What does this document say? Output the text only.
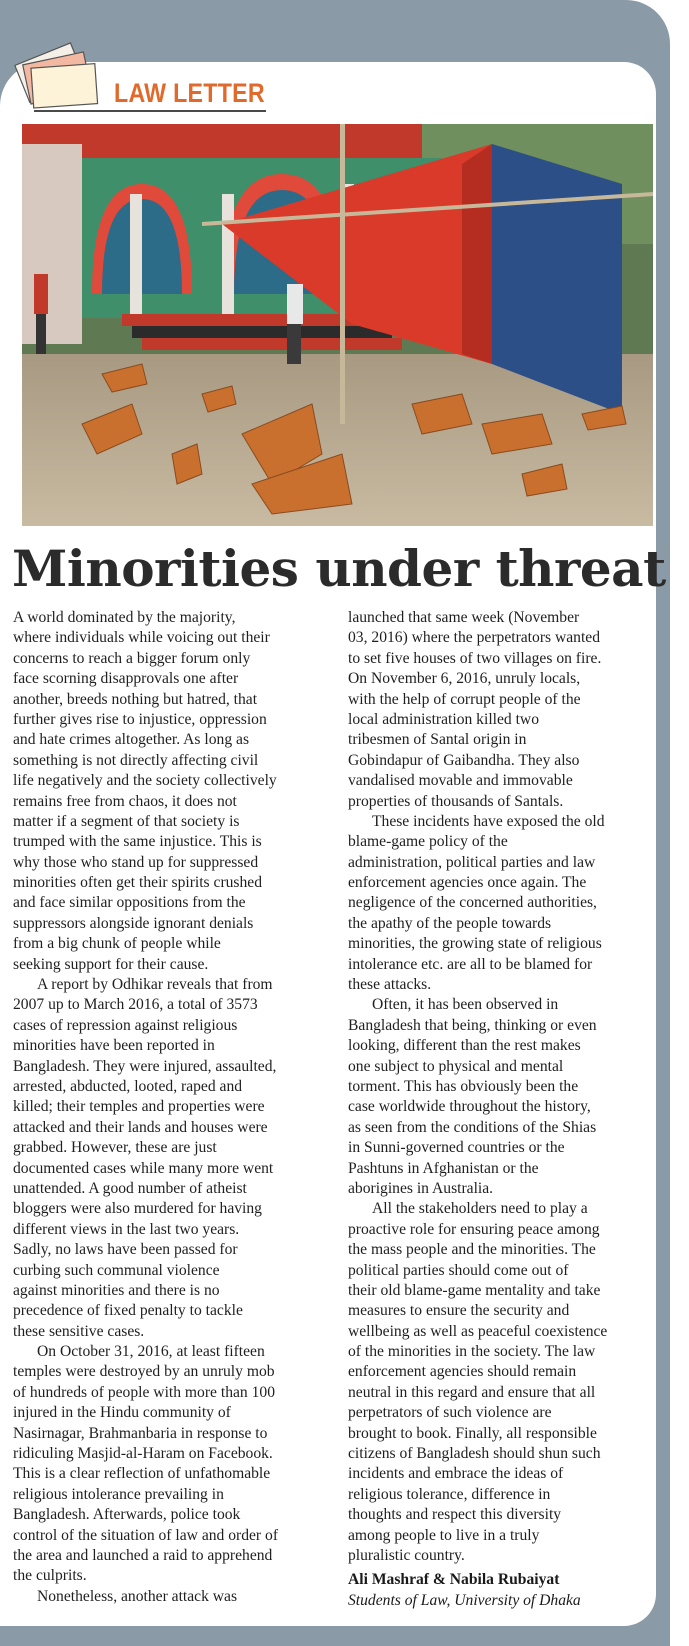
LAW LETTER
Minorities under threat
A world dominated by the majority,
where individuals while voicing out their
concerns to reach a bigger forum only
face scorning disapprovals one after
another, breeds nothing but hatred, that
further gives rise to injustice, oppression
and hate crimes altogether. As long as
something is not directly affecting civil
life negatively and the society collectively
remains free from chaos, it does not
matter if a segment of that society is
trumped with the same injustice. This is
why those who stand up for suppressed
minorities often get their spirits crushed
and face similar oppositions from the
suppressors alongside ignorant denials
from a big chunk of people while
seeking support for their cause.
A report by Odhikar reveals that from
2007 up to March 2016, a total of 3573
cases of repression against religious
minorities have been reported in
Bangladesh. They were injured, assaulted,
arrested, abducted, looted, raped and
killed; their temples and properties were
attacked and their lands and houses were
grabbed. However, these are just
documented cases while many more went
unattended. A good number of atheist
bloggers were also murdered for having
different views in the last two years.
Sadly, no laws have been passed for
curbing such communal violence
against minorities and there is no
precedence of fixed penalty to tackle
these sensitive cases.
On October 31, 2016, at least fifteen
temples were destroyed by an unruly mob
of hundreds of people with more than 100
injured in the Hindu community of
Nasirnagar, Brahmanbaria in response to
ridiculing Masjid-al-Haram on Facebook.
This is a clear reflection of unfathomable
religious intolerance prevailing in
Bangladesh. Afterwards, police took
control of the situation of law and order of
the area and launched a raid to apprehend
the culprits.
Nonetheless, another attack was
launched that same week (November
03, 2016) where the perpetrators wanted
to set five houses of two villages on fire.
On November 6, 2016, unruly locals,
with the help of corrupt people of the
local administration killed two
tribesmen of Santal origin in
Gobindapur of Gaibandha. They also
vandalised movable and immovable
properties of thousands of Santals.
These incidents have exposed the old
blame-game policy of the
administration, political parties and law
enforcement agencies once again. The
negligence of the concerned authorities,
the apathy of the people towards
minorities, the growing state of religious
intolerance etc. are all to be blamed for
these attacks.
Often, it has been observed in
Bangladesh that being, thinking or even
looking, different than the rest makes
one subject to physical and mental
torment. This has obviously been the
case worldwide throughout the history,
as seen from the conditions of the Shias
in Sunni-governed countries or the
Pashtuns in Afghanistan or the
aborigines in Australia.
All the stakeholders need to play a
proactive role for ensuring peace among
the mass people and the minorities. The
political parties should come out of
their old blame-game mentality and take
measures to ensure the security and
wellbeing as well as peaceful coexistence
of the minorities in the society. The law
enforcement agencies should remain
neutral in this regard and ensure that all
perpetrators of such violence are
brought to book. Finally, all responsible
citizens of Bangladesh should shun such
incidents and embrace the ideas of
religious tolerance, difference in
thoughts and respect this diversity
among people to live in a truly
pluralistic country.
Ali Mashraf & Nabila Rubaiyat
Students of Law, University of Dhaka
